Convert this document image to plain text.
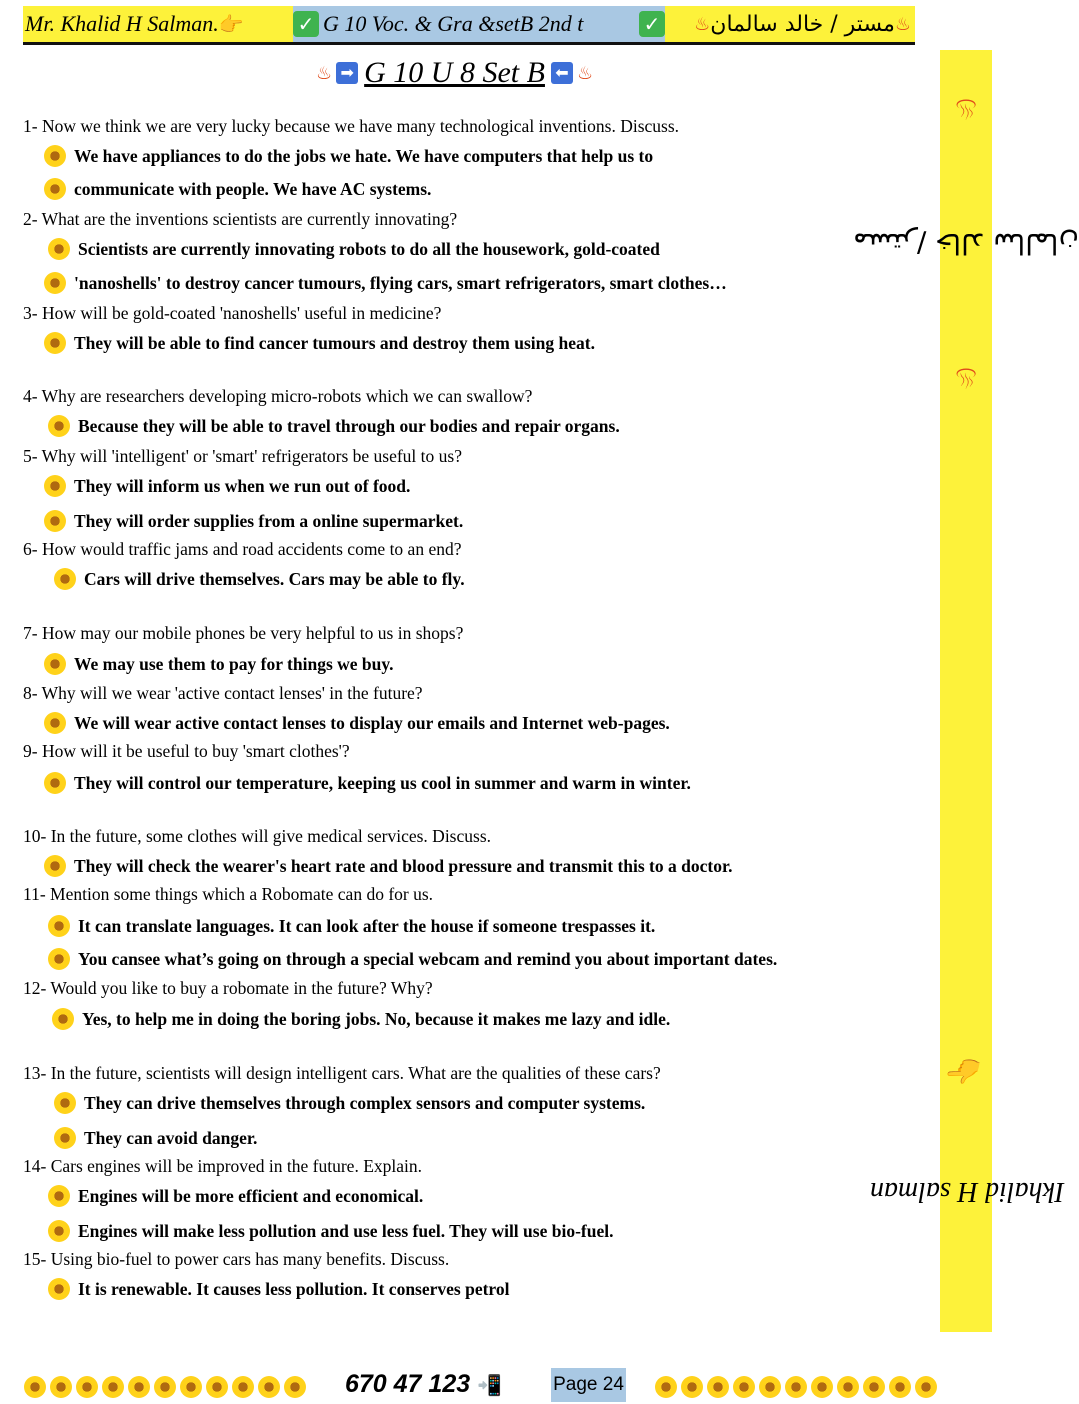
Mr. Khalid H Salman. 👉	✓ G 10 Voc. & Gra &setB 2nd t	✓ ♨ مستر / خالد سالمان ♨
♨ ➡ G 10 U 8 Set B ⬅ ♨
♨ مستر/ خالد سالمان ♨
Ikhalid H salman 👉
1- Now we think we are very lucky because we have many technological inventions. Discuss.
We have appliances to do the jobs we hate. We have computers that help us to
communicate with people. We have AC systems.
2- What are the inventions scientists are currently innovating?
Scientists are currently innovating robots to do all the housework, gold-coated
'nanoshells' to destroy cancer tumours, flying cars, smart refrigerators, smart clothes…
3- How will be gold-coated 'nanoshells' useful in medicine?
They will be able to find cancer tumours and destroy them using heat.
4- Why are researchers developing micro-robots which we can swallow?
Because they will be able to travel through our bodies and repair organs.
5- Why will 'intelligent' or 'smart' refrigerators be useful to us?
They will inform us when we run out of food.
They will order supplies from a online supermarket.
6- How would traffic jams and road accidents come to an end?
Cars will drive themselves. Cars may be able to fly.
7- How may our mobile phones be very helpful to us in shops?
We may use them to pay for things we buy.
8- Why will we wear 'active contact lenses' in the future?
We will wear active contact lenses to display our emails and Internet web-pages.
9- How will it be useful to buy 'smart clothes'?
They will control our temperature, keeping us cool in summer and warm in winter.
10- In the future, some clothes will give medical services. Discuss.
They will check the wearer's heart rate and blood pressure and transmit this to a doctor.
11- Mention some things which a Robomate can do for us.
It can translate languages. It can look after the house if someone trespasses it.
You cansee what’s going on through a special webcam and remind you about important dates.
12- Would you like to buy a robomate in the future? Why?
Yes, to help me in doing the boring jobs. No, because it makes me lazy and idle.
13- In the future, scientists will design intelligent cars. What are the qualities of these cars?
They can drive themselves through complex sensors and computer systems.
They can avoid danger.
14- Cars engines will be improved in the future. Explain.
Engines will be more efficient and economical.
Engines will make less pollution and use less fuel. They will use bio-fuel.
15- Using bio-fuel to power cars has many benefits. Discuss.
It is renewable. It causes less pollution. It conserves petrol
670 47 123 📲	Page 24
